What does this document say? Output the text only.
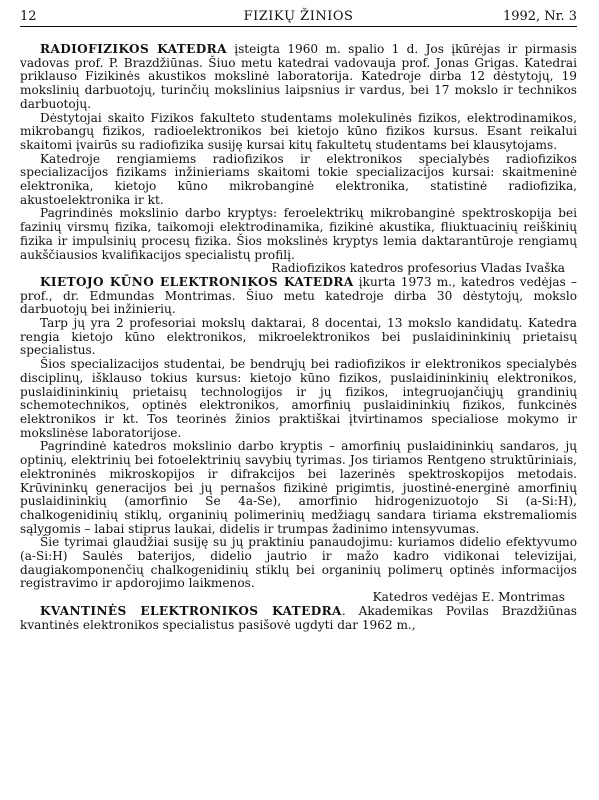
12	FIZIKŲ ŽINIOS	1992, Nr. 3

RADIOFIZIKOS KATEDRA įsteigta 1960 m. spalio 1 d. Jos įkūrėjas ir pirmasis vadovas prof. P. Brazdžiūnas. Šiuo metu katedrai vadovauja prof. Jonas Grigas. Katedrai priklauso Fizikinės akustikos mokslinė laboratorija. Katedroje dirba 12 dėstytojų, 19 mokslinių darbuotojų, turinčių mokslinius laipsnius ir vardus, bei 17 mokslo ir technikos darbuotojų.

Dėstytojai skaito Fizikos fakulteto studentams molekulinės fizikos, elektrodinamikos, mikrobangų fizikos, radioelektronikos bei kietojo kūno fizikos kursus. Esant reikalui skaitomi įvairūs su radiofizika susiję kursai kitų fakultetų studentams bei klausytojams.

Katedroje rengiamiems radiofizikos ir elektronikos specialybės radiofizikos specializacijos fizikams inžinieriams skaitomi tokie specializacijos kursai: skaitmeninė elektronika, kietojo kūno mikrobanginė elektronika, statistinė radiofizika, akustoelektronika ir kt.

Pagrindinės mokslinio darbo kryptys: feroelektrikų mikrobanginė spektroskopija bei fazinių virsmų fizika, taikomoji elektrodinamika, fizikinė akustika, fliuktuacinių reiškinių fizika ir impulsinių procesų fizika. Šios mokslinės kryptys lemia daktarantūroje rengiamų aukščiausios kvalifikacijos specialistų profilį.

Radiofizikos katedros profesorius Vladas Ivaška

KIETOJO KŪNO ELEKTRONIKOS KATEDRA įkurta 1973 m., katedros vedėjas – prof., dr. Edmundas Montrimas. Šiuo metu katedroje dirba 30 dėstytojų, mokslo darbuotojų bei inžinierių.

Tarp jų yra 2 profesoriai mokslų daktarai, 8 docentai, 13 mokslo kandidatų. Katedra rengia kietojo kūno elektronikos, mikroelektronikos bei puslaidininkinių prietaisų specialistus.

Šios specializacijos studentai, be bendrųjų bei radiofizikos ir elektronikos specialybės disciplinų, išklauso tokius kursus: kietojo kūno fizikos, puslaidininkinių elektronikos, puslaidininkinių prietaisų technologijos ir jų fizikos, integruojančiųjų grandinių schemotechnikos, optinės elektronikos, amorfinių puslaidininkių fizikos, funkcinės elektronikos ir kt. Tos teorinės žinios praktiškai įtvirtinamos specialiose mokymo ir mokslinėse laboratorijose.

Pagrindinė katedros mokslinio darbo kryptis – amorfinių puslaidininkių sandaros, jų optinių, elektrinių bei fotoelektrinių savybių tyrimas. Jos tiriamos Rentgeno struktūriniais, elektroninės mikroskopijos ir difrakcijos bei lazerinės spektroskopijos metodais. Krūvininkų generacijos bei jų pernašos fizikinė prigimtis, juostinė-energinė amorfinių puslaidininkių (amorfinio Se 4a-Se), amorfinio hidrogenizuotojo Si (a-Si:H), chalkogenidinių stiklų, organinių polimerinių medžiagų sandara tiriama ekstremaliomis sąlygomis – labai stiprus laukai, didelis ir trumpas žadinimo intensyvumas.

Šie tyrimai glaudžiai susiję su jų praktiniu panaudojimu: kuriamos didelio efektyvumo (a-Si:H) Saulės baterijos, didelio jautrio ir mažo kadro vidikonai televizijai, daugiakomponenčių chalkogenidinių stiklų bei organinių polimerų optinės informacijos registravimo ir apdorojimo laikmenos.

Katedros vedėjas E. Montrimas

KVANTINĖS ELEKTRONIKOS KATEDRA. Akademikas Povilas Brazdžiūnas kvantinės elektronikos specialistus pasišovė ugdyti dar 1962 m.,
